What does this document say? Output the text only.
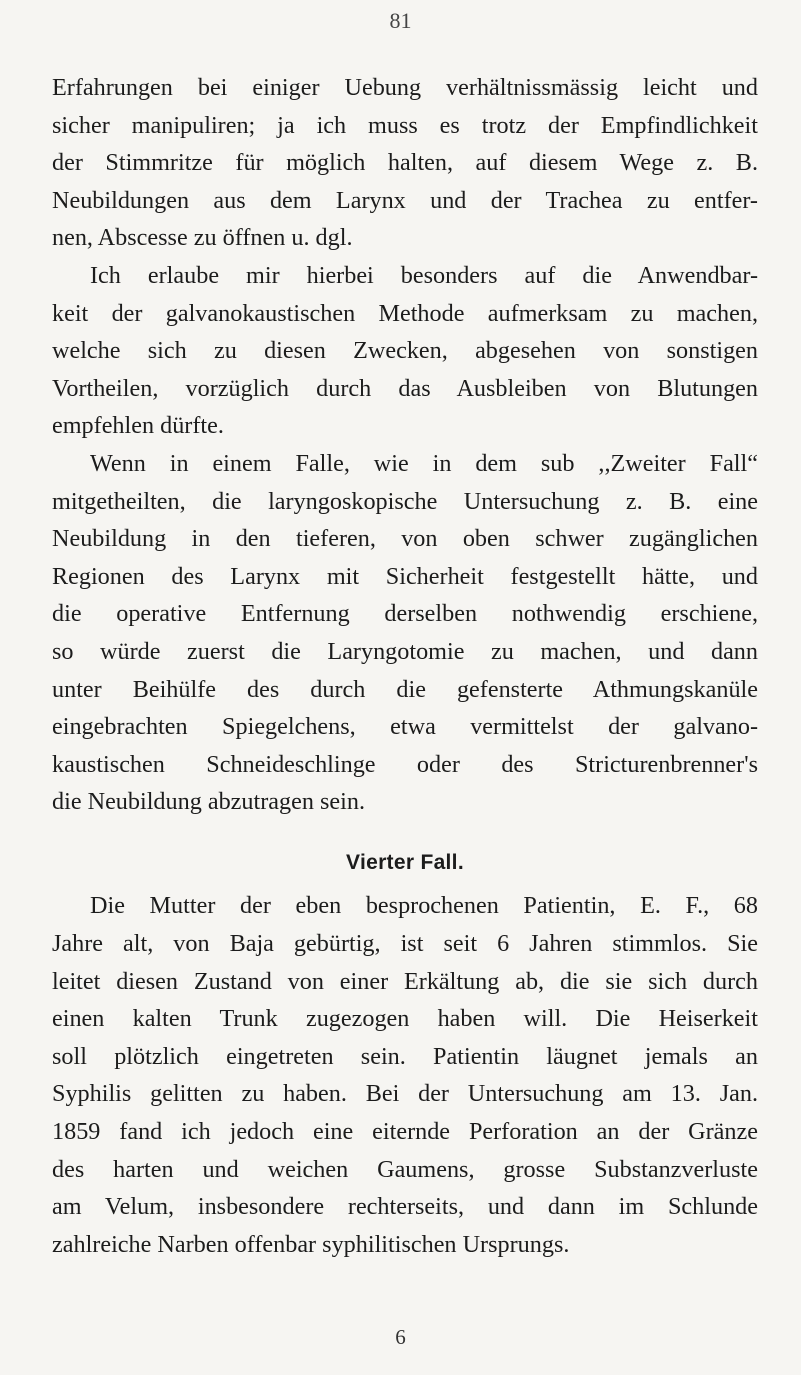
81
Erfahrungen bei einiger Uebung verhältnissmässig leicht und
sicher manipuliren; ja ich muss es trotz der Empfindlichkeit
der Stimmritze für möglich halten, auf diesem Wege z. B.
Neubildungen aus dem Larynx und der Trachea zu entfer-
nen, Abscesse zu öffnen u. dgl.
Ich erlaube mir hierbei besonders auf die Anwendbar-
keit der galvanokaustischen Methode aufmerksam zu machen,
welche sich zu diesen Zwecken, abgesehen von sonstigen
Vortheilen, vorzüglich durch das Ausbleiben von Blutungen
empfehlen dürfte.
Wenn in einem Falle, wie in dem sub ,,Zweiter Fall“
mitgetheilten, die laryngoskopische Untersuchung z. B. eine
Neubildung in den tieferen, von oben schwer zugänglichen
Regionen des Larynx mit Sicherheit festgestellt hätte, und
die operative Entfernung derselben nothwendig erschiene,
so würde zuerst die Laryngotomie zu machen, und dann
unter Beihülfe des durch die gefensterte Athmungskanüle
eingebrachten Spiegelchens, etwa vermittelst der galvano-
kaustischen Schneideschlinge oder des Stricturenbrenner's
die Neubildung abzutragen sein.
Vierter Fall.
Die Mutter der eben besprochenen Patientin, E. F., 68
Jahre alt, von Baja gebürtig, ist seit 6 Jahren stimmlos. Sie
leitet diesen Zustand von einer Erkältung ab, die sie sich durch
einen kalten Trunk zugezogen haben will. Die Heiserkeit
soll plötzlich eingetreten sein. Patientin läugnet jemals an
Syphilis gelitten zu haben. Bei der Untersuchung am 13. Jan.
1859 fand ich jedoch eine eiternde Perforation an der Gränze
des harten und weichen Gaumens, grosse Substanzverluste
am Velum, insbesondere rechterseits, und dann im Schlunde
zahlreiche Narben offenbar syphilitischen Ursprungs.
6
